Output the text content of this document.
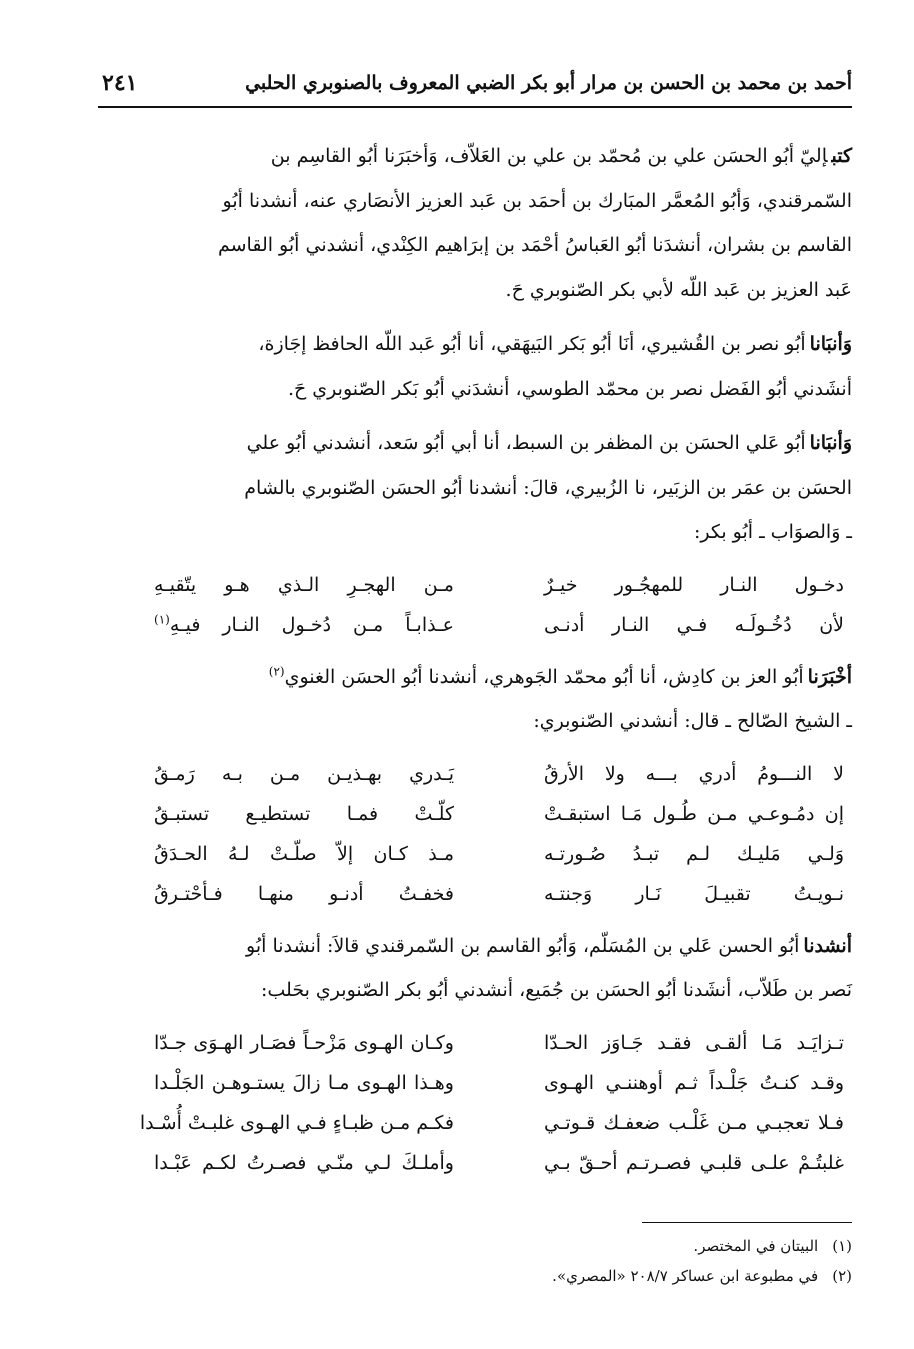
أحمد بن محمد بن الحسن بن مرار أبو بكر الضبي المعروف بالصنوبري الحلبي
٢٤١
كتبإليّ أبُو الحسَن علي بن مُحمّد بن علي بن العَلاّف، وَأخبَرَنا أبُو القاسِم بن
السّمرقندي، وَأبُو المُعمَّر المبَارك بن أحمَد بن عَبد العزيز الأنصَاري عنه، أنشدنا أبُو
القاسم بن بشران، أنشدَنا أبُو العَباسُ أحْمَد بن إبرَاهيم الكِنْدي، أنشدني أبُو القاسم
عَبد العزيز بن عَبد اللّه لأبي بكر الصّنوبري حَ.
وَأنبَاناأبُو نصر بن القُشيري، أنَا أبُو بَكر البَيهَقي، أنا أبُو عَبد اللّه الحافظ إجَازة،
أنشَدني أبُو الفَضل نصر بن محمّد الطوسي، أنشدَني أبُو بَكر الصّنوبري حَ.
وَأنبَاناأبُو عَلي الحسَن بن المظفر بن السبط، أنا أبي أبُو سَعد، أنشدني أبُو علي
الحسَن بن عمَر بن الزبَير، نا الزُبيري، قالَ: أنشدنا أبُو الحسَن الصّنوبري بالشام
ـ وَالصوَاب ـ أبُو بكر:
دخـول النـار للمهجُـور خيـرٌ
مـن الهجـرِ الـذي هـو يتّقيـهِ
لأن دُخُـولَـه فـي النـار أدنـى
عـذابـاً مـن دُخـول النـار فيـهِ$^{(١)}$
أخْبَرَناأبُو العز بن كادِش، أنا أبُو محمّد الجَوهري، أنشدنا أبُو الحسَن الغنوي$^{(٢)}$
ـ الشيخ الصّالح ـ قال: أنشدني الصّنوبري:
لا النـــومُ أدري بـــه ولا الأرقُ
يَـدري بهـذيـن مـن بـه رَمـقُ
إن دمُـوعـي مـن طُـول مَـا استبقـتْ
كلّـتْ فمـا تستطيـع تستبـقُ
وَلـي مَليـك لـم تبـدُ صُـورتـه
مـذ كـان إلاّ صلّـتْ لـهُ الحـدَقُ
نـويـتُ تقبيـلَ نَـار وَجنتـه
فخفـتُ أدنـو منهـا فـأحْتـرقُ
أنشدناأبُو الحسن عَلي بن المُسَلّم، وَأبُو القاسم بن السّمرقندي قالاَ: أنشدنا أبُو
نَصر بن طَلاّب، أنشَدنا أبُو الحسَن بن جُمَيع، أنشدني أبُو بكر الصّنوبري بحَلب:
تـزايَـد مَـا ألقـى فقـد جَـاوَز الحـدّا
وكـان الهـوى مَزْحـاً فصَـار الهـوَى جـدّا
وقـد كنـتُ جَلْـداً ثـم أوهننـي الهـوى
وهـذا الهـوى مـا زالَ يستـوهـن الجَلْـدا
فـلا تعجبـي مـن غَلْـب ضعفـك قـوتـي
فكـم مـن ظبـاءٍ فـي الهـوى غلبـتْ أُسْـدا
غلبتُـمْ علـى قلبـي فصـرتـم أحـقّ بـي
وأملـكَ لـي منّـي فصـرتُ لكـم عَبْـدا
(١)البيتان في المختصر.
(٢)في مطبوعة ابن عساكر ٢٠٨/٧ «المصري».
